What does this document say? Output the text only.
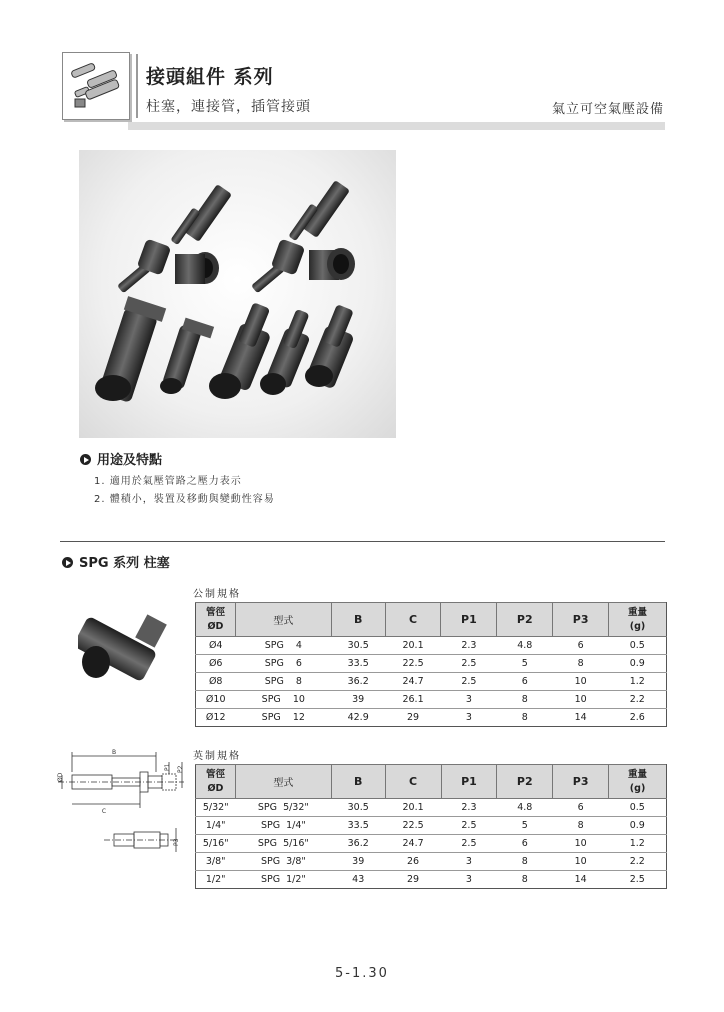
接頭組件 系列
柱塞，連接管，插管接頭	氣立可空氣壓設備
用途及特點
1. 適用於氣壓管路之壓力表示
2. 體積小，裝置及移動與變動性容易
SPG 系列 柱塞
公制規格
管徑
ØD	型式	B	C	P1	P2	P3	重量
(g)
Ø4	SPG    4	30.5	20.1	2.3	4.8	6	0.5
Ø6	SPG    6	33.5	22.5	2.5	5	8	0.9
Ø8	SPG    8	36.2	24.7	2.5	6	10	1.2
Ø10	SPG    10	39	26.1	3	8	10	2.2
Ø12	SPG    12	42.9	29	3	8	14	2.6
B
C
ØD
P1 P2
P3
英制規格
管徑
ØD	型式	B	C	P1	P2	P3	重量
(g)
5/32"	SPG  5/32"	30.5	20.1	2.3	4.8	6	0.5
1/4"	SPG  1/4"	33.5	22.5	2.5	5	8	0.9
5/16"	SPG  5/16"	36.2	24.7	2.5	6	10	1.2
3/8"	SPG  3/8"	39	26	3	8	10	2.2
1/2"	SPG  1/2"	43	29	3	8	14	2.5
5-1.30
